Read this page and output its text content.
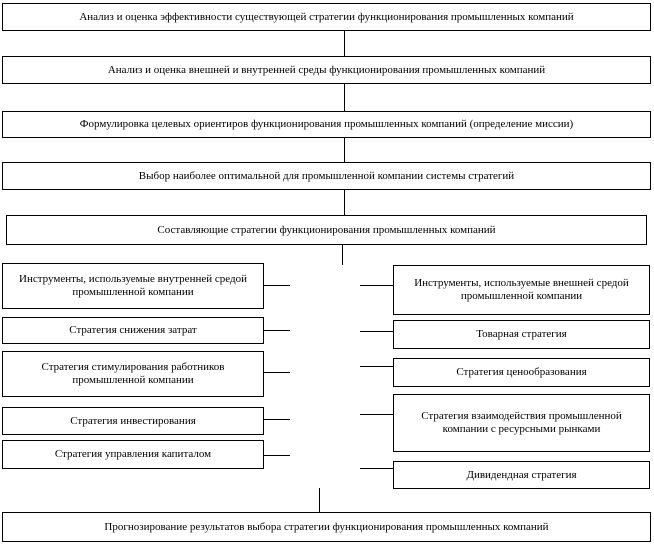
Анализ и оценка эффективности существующей стратегии функционирования промышленных компаний
Анализ и оценка внешней и внутренней среды функционирования промышленных компаний
Формулировка целевых ориентиров функционирования промышленных компаний (определение миссии)
Выбор наиболее оптимальной для промышленной компании системы стратегий
Составляющие стратегии функционирования промышленных компаний
Инструменты, используемые внутренней средой промышленной компании
Стратегия снижения затрат
Стратегия стимулирования работников промышленной компании
Стратегия инвестирования
Стратегия управления капиталом
Инструменты, используемые внешней средой промышленной компании
Товарная стратегия
Стратегия ценообразования
Стратегия взаимодействия промышленной компании с ресурсными рынками
Дивидендная стратегия
Прогнозирование результатов выбора стратегии функционирования промышленных компаний
